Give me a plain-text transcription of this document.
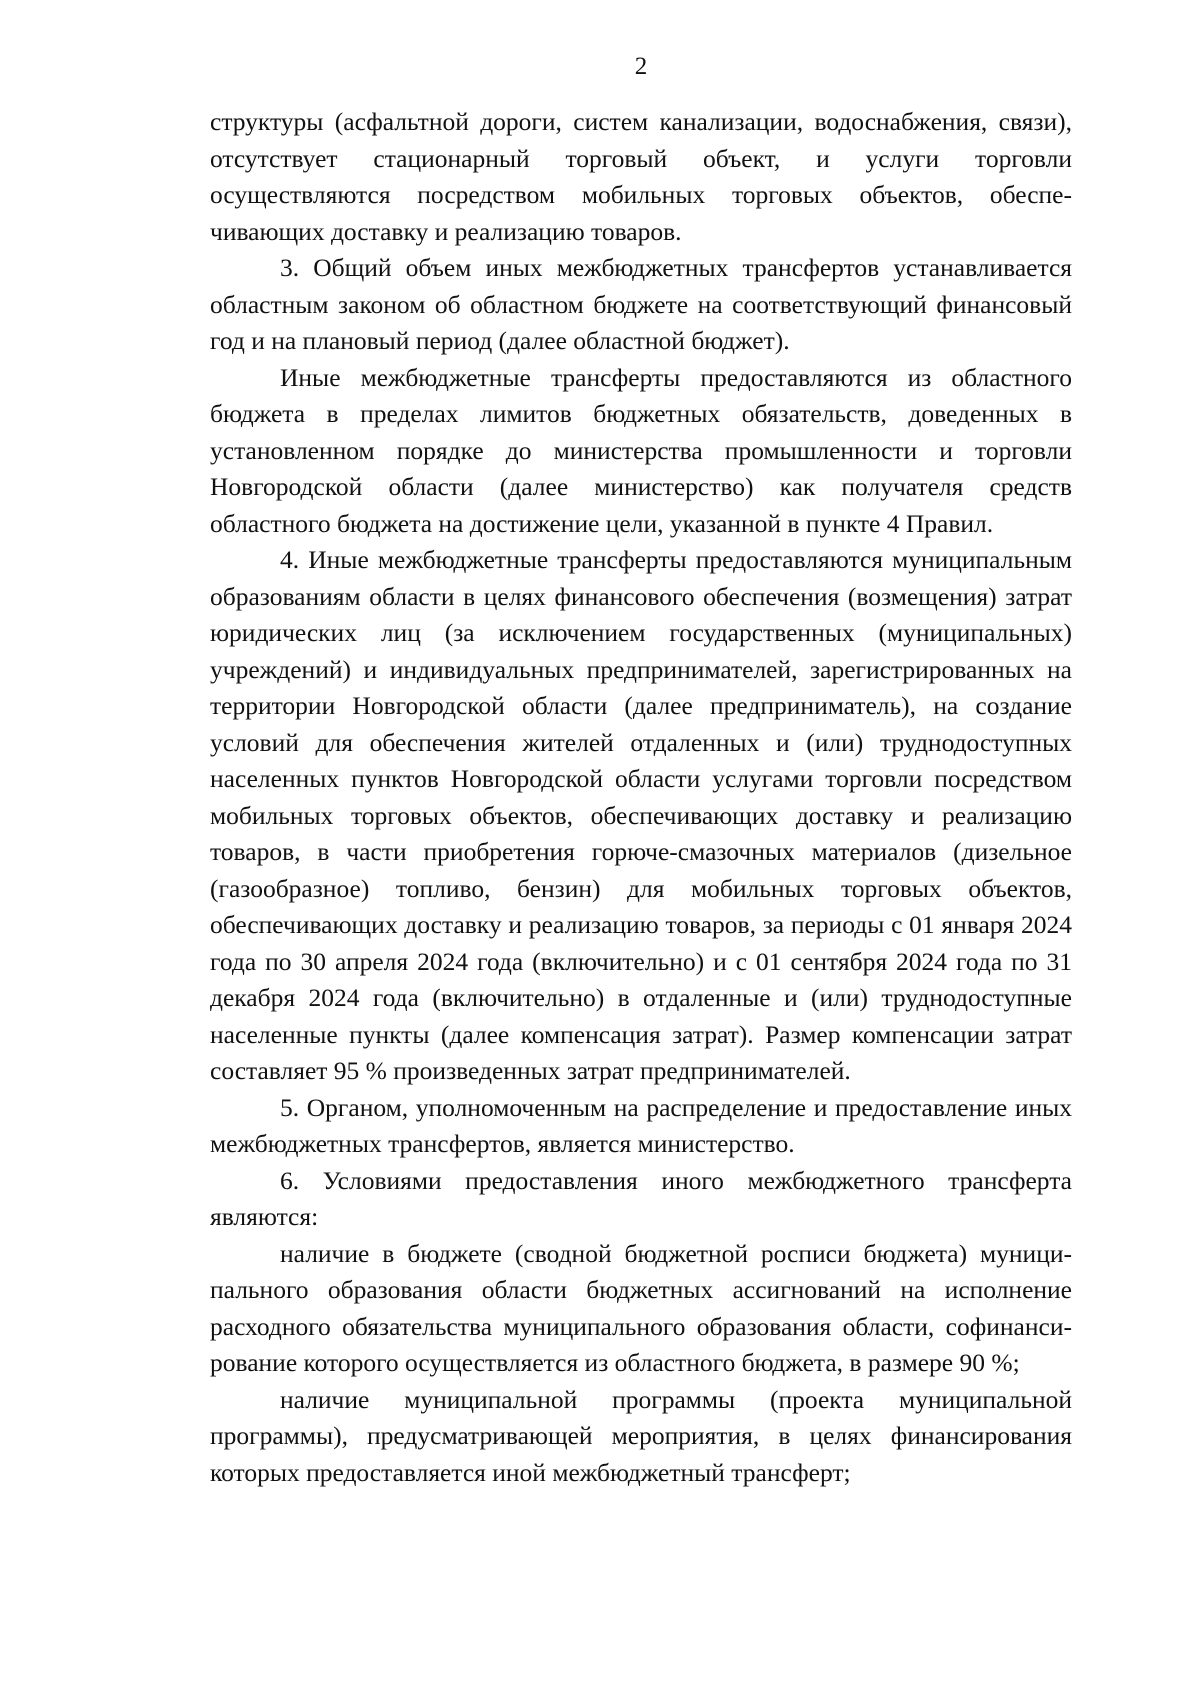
2

структуры (асфальтной дороги, систем канализации, водоснабжения, связи), отсутствует стационарный торговый объект, и услуги торговли осуществляются посредством мобильных торговых объектов, обеспечивающих доставку и реализацию товаров.

3. Общий объем иных межбюджетных трансфертов устанавливается областным законом об областном бюджете на соответствующий финансовый год и на плановый период (далее областной бюджет).

Иные межбюджетные трансферты предоставляются из областного бюджета в пределах лимитов бюджетных обязательств, доведенных в установленном порядке до министерства промышленности и торговли Новгородской области (далее министерство) как получателя средств областного бюджета на достижение цели, указанной в пункте 4 Правил.

4. Иные межбюджетные трансферты предоставляются муниципальным образованиям области в целях финансового обеспечения (возмещения) затрат юридических лиц (за исключением государственных (муниципальных) учреждений) и индивидуальных предпринимателей, зарегистрированных на территории Новгородской области (далее предприниматель), на создание условий для обеспечения жителей отдаленных и (или) труднодоступных населенных пунктов Новгородской области услугами торговли посредством мобильных торговых объектов, обеспечивающих доставку и реализацию товаров, в части приобретения горюче-смазочных материалов (дизельное (газообразное) топливо, бензин) для мобильных торговых объектов, обеспечивающих доставку и реализацию товаров, за периоды с 01 января 2024 года по 30 апреля 2024 года (включительно) и с 01 сентября 2024 года по 31 декабря 2024 года (включительно) в отдаленные и (или) труднодоступные населенные пункты (далее компенсация затрат). Размер компенсации затрат составляет 95 % произведенных затрат предпринимателей.

5. Органом, уполномоченным на распределение и предоставление иных межбюджетных трансфертов, является министерство.

6. Условиями предоставления иного межбюджетного трансферта являются:

наличие в бюджете (сводной бюджетной росписи бюджета) муниципального образования области бюджетных ассигнований на исполнение расходного обязательства муниципального образования области, софинансирование которого осуществляется из областного бюджета, в размере 90 %;

наличие муниципальной программы (проекта муниципальной программы), предусматривающей мероприятия, в целях финансирования которых предоставляется иной межбюджетный трансферт;
